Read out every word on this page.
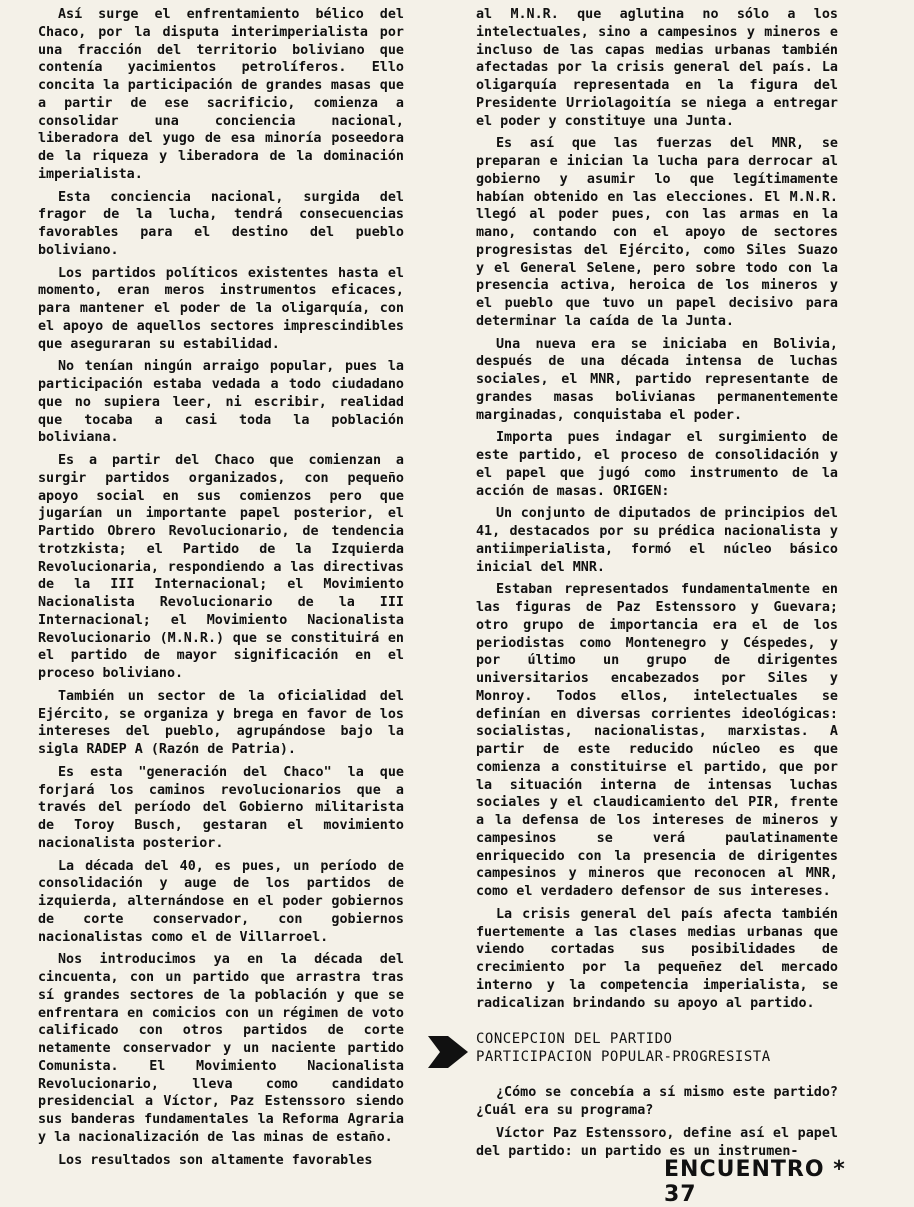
Así surge el enfrentamiento bélico del Chaco, por la disputa interimperialista por una fracción del territorio boliviano que contenía yacimientos petrolíferos. Ello concita la participación de grandes masas que a partir de ese sacrificio, comienza a consolidar una conciencia nacional, liberadora del yugo de esa minoría poseedora de la riqueza y liberadora de la dominación imperialista.

Esta conciencia nacional, surgida del fragor de la lucha, tendrá consecuencias favorables para el destino del pueblo boliviano.

Los partidos políticos existentes hasta el momento, eran meros instrumentos eficaces, para mantener el poder de la oligarquía, con el apoyo de aquellos sectores imprescindibles que aseguraran su estabilidad.

No tenían ningún arraigo popular, pues la participación estaba vedada a todo ciudadano que no supiera leer, ni escribir, realidad que tocaba a casi toda la población boliviana.

Es a partir del Chaco que comienzan a surgir partidos organizados, con pequeño apoyo social en sus comienzos pero que jugarían un importante papel posterior, el Partido Obrero Revolucionario, de tendencia trotzkista; el Partido de la Izquierda Revolucionaria, respondiendo a las directivas de la III Internacional; el Movimiento Nacionalista Revolucionario de la III Internacional; el Movimiento Nacionalista Revolucionario (M.N.R.) que se constituirá en el partido de mayor significación en el proceso boliviano.

También un sector de la oficialidad del Ejército, se organiza y brega en favor de los intereses del pueblo, agrupándose bajo la sigla RADEP A (Razón de Patria).

Es esta "generación del Chaco" la que forjará los caminos revolucionarios que a través del período del Gobierno militarista de Toroy Busch, gestaran el movimiento nacionalista posterior.

La década del 40, es pues, un período de consolidación y auge de los partidos de izquierda, alternándose en el poder gobiernos de corte conservador, con gobiernos nacionalistas como el de Villarroel.

Nos introducimos ya en la década del cincuenta, con un partido que arrastra tras sí grandes sectores de la población y que se enfrentara en comicios con un régimen de voto calificado con otros partidos de corte netamente conservador y un naciente partido Comunista. El Movimiento Nacionalista Revolucionario, lleva como candidato presidencial a Víctor, Paz Estenssoro siendo sus banderas fundamentales la Reforma Agraria y la nacionalización de las minas de estaño.

Los resultados son altamente favorables

al M.N.R. que aglutina no sólo a los intelectuales, sino a campesinos y mineros e incluso de las capas medias urbanas también afectadas por la crisis general del país. La oligarquía representada en la figura del Presidente Urriolagoitía se niega a entregar el poder y constituye una Junta.

Es así que las fuerzas del MNR, se preparan e inician la lucha para derrocar al gobierno y asumir lo que legítimamente habían obtenido en las elecciones. El M.N.R. llegó al poder pues, con las armas en la mano, contando con el apoyo de sectores progresistas del Ejército, como Siles Suazo y el General Selene, pero sobre todo con la presencia activa, heroica de los mineros y el pueblo que tuvo un papel decisivo para determinar la caída de la Junta.

Una nueva era se iniciaba en Bolivia, después de una década intensa de luchas sociales, el MNR, partido representante de grandes masas bolivianas permanentemente marginadas, conquistaba el poder.

Importa pues indagar el surgimiento de este partido, el proceso de consolidación y el papel que jugó como instrumento de la acción de masas. ORIGEN:

Un conjunto de diputados de principios del 41, destacados por su prédica nacionalista y antiimperialista, formó el núcleo básico inicial del MNR.

Estaban representados fundamentalmente en las figuras de Paz Estenssoro y Guevara; otro grupo de importancia era el de los periodistas como Montenegro y Céspedes, y por último un grupo de dirigentes universitarios encabezados por Siles y Monroy. Todos ellos, intelectuales se definían en diversas corrientes ideológicas: socialistas, nacionalistas, marxistas. A partir de este reducido núcleo es que comienza a constituirse el partido, que por la situación interna de intensas luchas sociales y el claudicamiento del PIR, frente a la defensa de los intereses de mineros y campesinos se verá paulatinamente enriquecido con la presencia de dirigentes campesinos y mineros que reconocen al MNR, como el verdadero defensor de sus intereses.

La crisis general del país afecta también fuertemente a las clases medias urbanas que viendo cortadas sus posibilidades de crecimiento por la pequeñez del mercado interno y la competencia imperialista, se radicalizan brindando su apoyo al partido.

CONCEPCION DEL PARTIDO
PARTICIPACION POPULAR-PROGRESISTA

¿Cómo se concebía a sí mismo este partido? ¿Cuál era su programa?

Víctor Paz Estenssoro, define así el papel del partido: un partido es un instrumen-

ENCUENTRO * 37
